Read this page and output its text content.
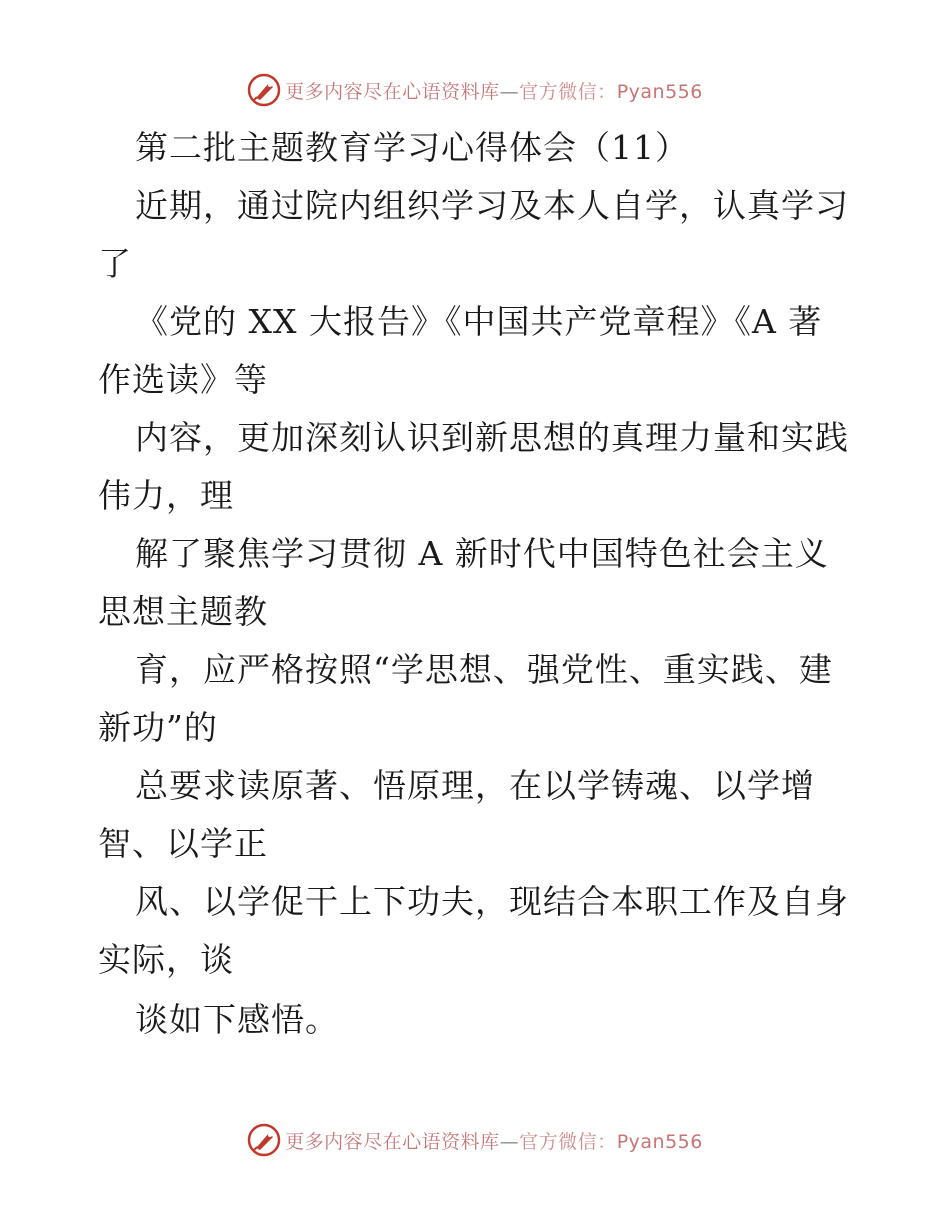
更多内容尽在心语资料库—官方微信：Pyan556
第二批主题教育学习心得体会（11）
近期，通过院内组织学习及本人自学，认真学习
了
《党的 XX 大报告》《中国共产党章程》《A 著
作选读》等
内容，更加深刻认识到新思想的真理力量和实践
伟力，理
解了聚焦学习贯彻 A 新时代中国特色社会主义
思想主题教
育，应严格按照“学思想、强党性、重实践、建
新功”的
总要求读原著、悟原理，在以学铸魂、以学增
智、以学正
风、以学促干上下功夫，现结合本职工作及自身
实际，谈
谈如下感悟。
更多内容尽在心语资料库—官方微信：Pyan556
